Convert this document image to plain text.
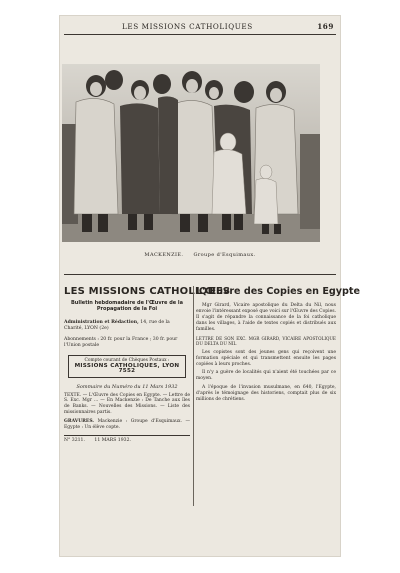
LES MISSIONS CATHOLIQUES	169
MACKENZIE. Groupe d'Esquimaux.
LES MISSIONS CATHOLIQUES
Bulletin hebdomadaire de l'Œuvre de la Propagation de la Foi
Administration et Rédaction, 14, rue de la Charité, LYON (2e)
Abonnements : 20 fr. pour la France ; 30 fr. pour l'Union postale
Compte courant de Chèques Postaux :
MISSIONS CATHOLIQUES, LYON 7552
Sommaire du Numéro du 11 Mars 1932
TEXTE. — L'Œuvre des Copies en Egypte. — Lettre de S. Exc. Mgr ... — En Mackenzie : De Tanche aux îles de Banks. — Nouvelles des Missions. — Liste des missionnaires partis.
GRAVURES. Mackenzie : Groupe d'Esquimaux. — Egypte : Un élève copte.
N° 3211. 11 MARS 1932.
L'Œuvre des Copies en Egypte

Mgr Girard, Vicaire apostolique du Delta du Nil, nous envoie l'intéressant exposé que voici sur l'Œuvre des Copies. Il s'agit de répandre la connaissance de la foi catholique dans les villages, à l'aide de textes copiés et distribués aux familles.

LETTRE DE SON EXC. MGR GIRARD, VICAIRE APOSTOLIQUE DU DELTA DU NIL

Les copistes sont des jeunes gens qui reçoivent une formation spéciale et qui transmettent ensuite les pages copiées à leurs proches.

Il n'y a guère de localités qui n'aient été touchées par ce moyen.

A l'époque de l'invasion musulmane, en 640, l'Egypte, d'après le témoignage des historiens, comptait plus de six millions de chrétiens.
